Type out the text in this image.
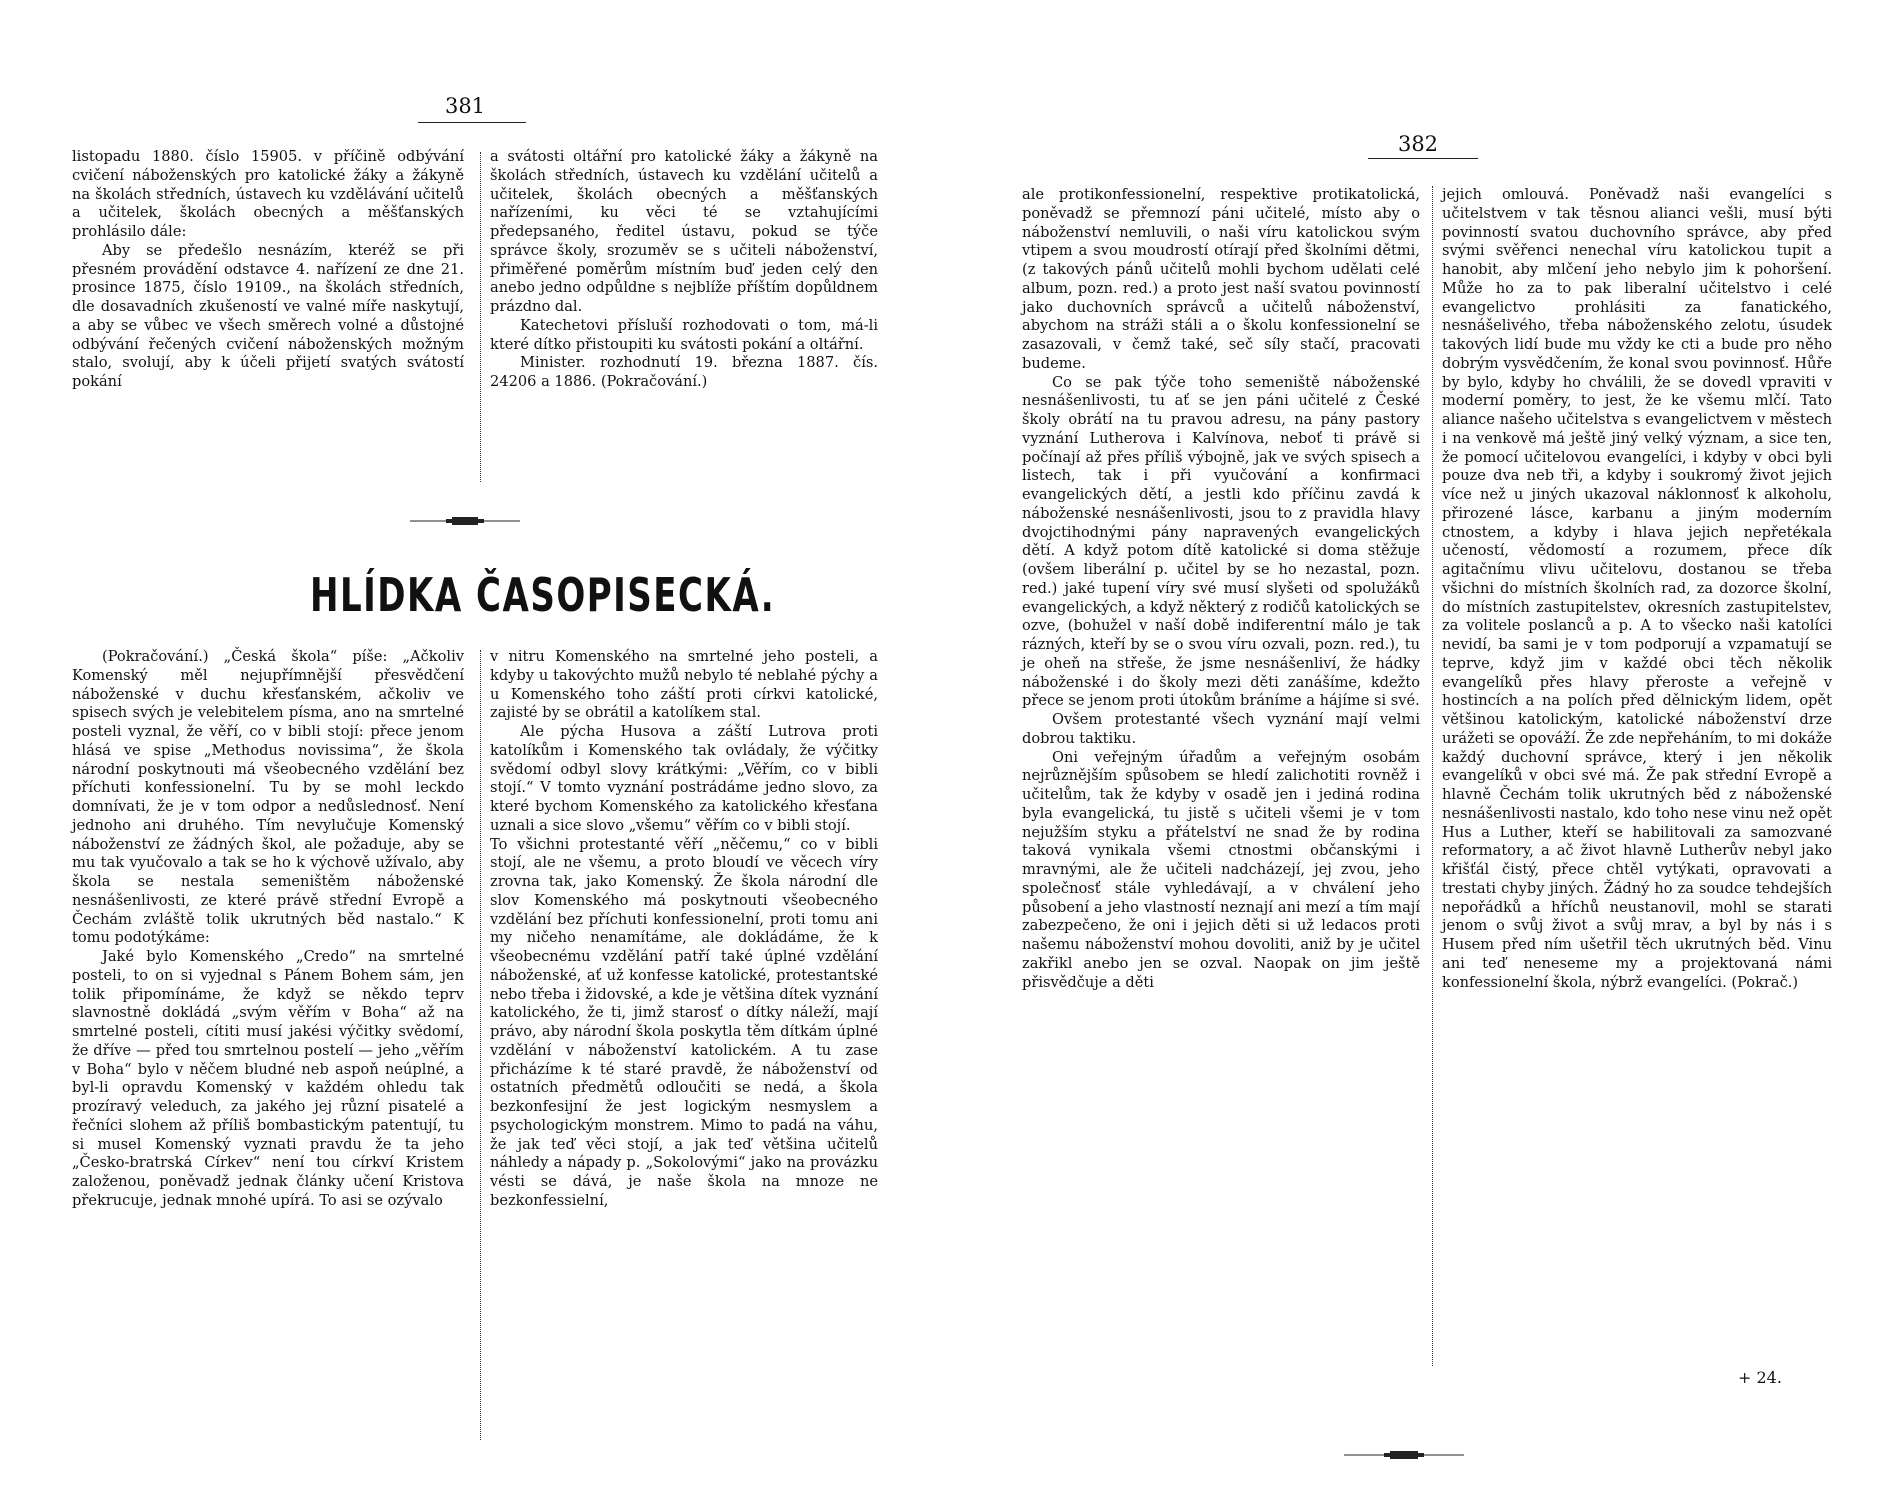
381

listopadu 1880. číslo 15905. v příčině odbývání cvičení náboženských pro katolické žáky a žákyně na školách středních, ústavech ku vzdělávání učitelů a učitelek, školách obecných a měšťanských prohlásilo dále:

Aby se předešlo nesnázím, kteréž se při přesném provádění odstavce 4. nařízení ze dne 21. prosince 1875, číslo 19109., na školách středních, dle dosavadních zkušeností ve valné míře naskytují, a aby se vůbec ve všech směrech volné a důstojné odbývání řečených cvičení náboženských možným stalo, svolují, aby k účeli přijetí svatých svátostí pokání

a svátosti oltářní pro katolické žáky a žákyně na školách středních, ústavech ku vzdělání učitelů a učitelek, školách obecných a měšťanských nařízeními, ku věci té se vztahujícími předepsaného, ředitel ústavu, pokud se týče správce školy, srozuměv se s učiteli náboženství, přiměřené poměrům místním buď jeden celý den anebo jedno odpůldne s nejblíže příštím dopůldnem prázdno dal.

Katechetovi přísluší rozhodovati o tom, má-li které dítko přistoupiti ku svátosti pokání a oltářní.

Minister. rozhodnutí 19. března 1887. čís. 24206 a 1886. (Pokračování.)

HLÍDKA ČASOPISECKÁ.

(Pokračování.) „Česká škola“ píše: „Ačkoliv Komenský měl nejupřímnější přesvědčení náboženské v duchu křesťanském, ačkoliv ve spisech svých je velebitelem písma, ano na smrtelné posteli vyznal, že věří, co v bibli stojí: přece jenom hlásá ve spise „Methodus novissima“, že škola národní poskytnouti má všeobecného vzdělání bez příchuti konfessionelní. Tu by se mohl leckdo domnívati, že je v tom odpor a nedůslednosť. Není jednoho ani druhého. Tím nevylučuje Komenský náboženství ze žádných škol, ale požaduje, aby se mu tak vyučovalo a tak se ho k výchově užívalo, aby škola se nestala semeništěm náboženské nesnášenlivosti, ze které právě střední Evropě a Čechám zvláště tolik ukrutných běd nastalo.“ K tomu podotýkáme:

Jaké bylo Komenského „Credo“ na smrtelné posteli, to on si vyjednal s Pánem Bohem sám, jen tolik připomínáme, že když se někdo teprv slavnostně dokládá „svým věřím v Boha“ až na smrtelné posteli, cítiti musí jakési výčitky svědomí, že dříve — před tou smrtelnou postelí — jeho „věřím v Boha“ bylo v něčem bludné neb aspoň neúplné, a byl-li opravdu Komenský v každém ohledu tak prozíravý veleduch, za jakého jej různí pisatelé a řečníci slohem až příliš bombastickým patentují, tu si musel Komenský vyznati pravdu že ta jeho „Česko-bratrská Církev“ není tou církví Kristem založenou, poněvadž jednak články učení Kristova překrucuje, jednak mnohé upírá. To asi se ozývalo

v nitru Komenského na smrtelné jeho posteli, a kdyby u takovýchto mužů nebylo té neblahé pýchy a u Komenského toho záští proti církvi katolické, zajisté by se obrátil a katolíkem stal.

Ale pýcha Husova a záští Lutrova proti katolíkům i Komenského tak ovládaly, že výčitky svědomí odbyl slovy krátkými: „Věřím, co v bibli stojí.“ V tomto vyznání postrádáme jedno slovo, za které bychom Komenského za katolického křesťana uznali a sice slovo „všemu“ věřím co v bibli stojí.

To všichni protestanté věří „něčemu,“ co v bibli stojí, ale ne všemu, a proto bloudí ve věcech víry zrovna tak, jako Komenský. Že škola národní dle slov Komenského má poskytnouti všeobecného vzdělání bez příchuti konfessionelní, proti tomu ani my ničeho nenamítáme, ale dokládáme, že k všeobecnému vzdělání patří také úplné vzdělání náboženské, ať už konfesse katolické, protestantské nebo třeba i židovské, a kde je většina dítek vyznání katolického, že ti, jimž starosť o dítky náleží, mají právo, aby národní škola poskytla těm dítkám úplné vzdělání v náboženství katolickém. A tu zase přicházíme k té staré pravdě, že náboženství od ostatních předmětů odloučiti se nedá, a škola bezkonfesijní že jest logickým nesmyslem a psychologickým monstrem. Mimo to padá na váhu, že jak teď věci stojí, a jak teď většina učitelů náhledy a nápady p. „Sokolovými“ jako na provázku vésti se dává, je naše škola na mnoze ne bezkonfessielní,

382

ale protikonfessionelní, respektive protikatolická, poněvadž se přemnozí páni učitelé, místo aby o náboženství nemluvili, o naši víru katolickou svým vtipem a svou moudrostí otírají před školními dětmi, (z takových pánů učitelů mohli bychom udělati celé album, pozn. red.) a proto jest naší svatou povinností jako duchovních správců a učitelů náboženství, abychom na stráži stáli a o školu konfessionelní se zasazovali, v čemž také, seč síly stačí, pracovati budeme.

Co se pak týče toho semeniště náboženské nesnášenlivosti, tu ať se jen páni učitelé z České školy obrátí na tu pravou adresu, na pány pastory vyznání Lutherova i Kalvínova, neboť ti právě si počínají až přes příliš výbojně, jak ve svých spisech a listech, tak i při vyučování a konfirmaci evangelických dětí, a jestli kdo příčinu zavdá k náboženské nesnášenlivosti, jsou to z pravidla hlavy dvojctihodnými pány napravených evangelických dětí. A když potom dítě katolické si doma stěžuje (ovšem liberální p. učitel by se ho nezastal, pozn. red.) jaké tupení víry své musí slyšeti od spolužáků evangelických, a když některý z rodičů katolických se ozve, (bohužel v naší době indiferentní málo je tak rázných, kteří by se o svou víru ozvali, pozn. red.), tu je oheň na střeše, že jsme nesnášenliví, že hádky náboženské i do školy mezi děti zanášíme, kdežto přece se jenom proti útokům bráníme a hájíme si své.

Ovšem protestanté všech vyznání mají velmi dobrou taktiku.

Oni veřejným úřadům a veřejným osobám nejrůznějším spůsobem se hledí zalichotiti rovněž i učitelům, tak že kdyby v osadě jen i jediná rodina byla evangelická, tu jistě s učiteli všemi je v tom nejužším styku a přátelství ne snad že by rodina taková vynikala všemi ctnostmi občanskými i mravnými, ale že učiteli nadcházejí, jej zvou, jeho společnosť stále vyhledávají, a v chválení jeho působení a jeho vlastností neznají ani mezí a tím mají zabezpečeno, že oni i jejich děti si už ledacos proti našemu náboženství mohou dovoliti, aniž by je učitel zakřikl anebo jen se ozval. Naopak on jim ještě přisvědčuje a děti

jejich omlouvá. Poněvadž naši evangelíci s učitelstvem v tak těsnou alianci vešli, musí býti povinností svatou duchovního správce, aby před svými svěřenci nenechal víru katolickou tupit a hanobit, aby mlčení jeho nebylo jim k pohoršení. Může ho za to pak liberalní učitelstvo i celé evangelictvo prohlásiti za fanatického, nesnášelivého, třeba náboženského zelotu, úsudek takových lidí bude mu vždy ke cti a bude pro něho dobrým vysvědčením, že konal svou povinnosť. Hůře by bylo, kdyby ho chválili, že se dovedl vpraviti v moderní poměry, to jest, že ke všemu mlčí. Tato aliance našeho učitelstva s evangelictvem v městech i na venkově má ještě jiný velký význam, a sice ten, že pomocí učitelovou evangelíci, i kdyby v obci byli pouze dva neb tři, a kdyby i soukromý život jejich více než u jiných ukazoval náklonnosť k alkoholu, přirozené lásce, karbanu a jiným moderním ctnostem, a kdyby i hlava jejich nepřetékala učeností, vědomostí a rozumem, přece dík agitačnímu vlivu učitelovu, dostanou se třeba všichni do místních školních rad, za dozorce školní, do místních zastupitelstev, okresních zastupitelstev, za volitele poslanců a p. A to všecko naši katolíci nevidí, ba sami je v tom podporují a vzpamatují se teprve, když jim v každé obci těch několik evangelíků přes hlavy přeroste a veřejně v hostincích a na polích před dělnickým lidem, opět většinou katolickým, katolické náboženství drze urážeti se opováží. Že zde nepřeháním, to mi dokáže každý duchovní správce, který i jen několik evangelíků v obci své má. Že pak střední Evropě a hlavně Čechám tolik ukrutných běd z náboženské nesnášenlivosti nastalo, kdo toho nese vinu než opět Hus a Luther, kteří se habilitovali za samozvané reformatory, a ač život hlavně Lutherův nebyl jako křišťál čistý, přece chtěl vytýkati, opravovati a trestati chyby jiných. Žádný ho za soudce tehdejších nepořádků a hříchů neustanovil, mohl se starati jenom o svůj život a svůj mrav, a byl by nás i s Husem před ním ušetřil těch ukrutných běd. Vinu ani teď neneseme my a projektovaná námi konfessionelní škola, nýbrž evangelíci. (Pokrač.)

+ 24.
